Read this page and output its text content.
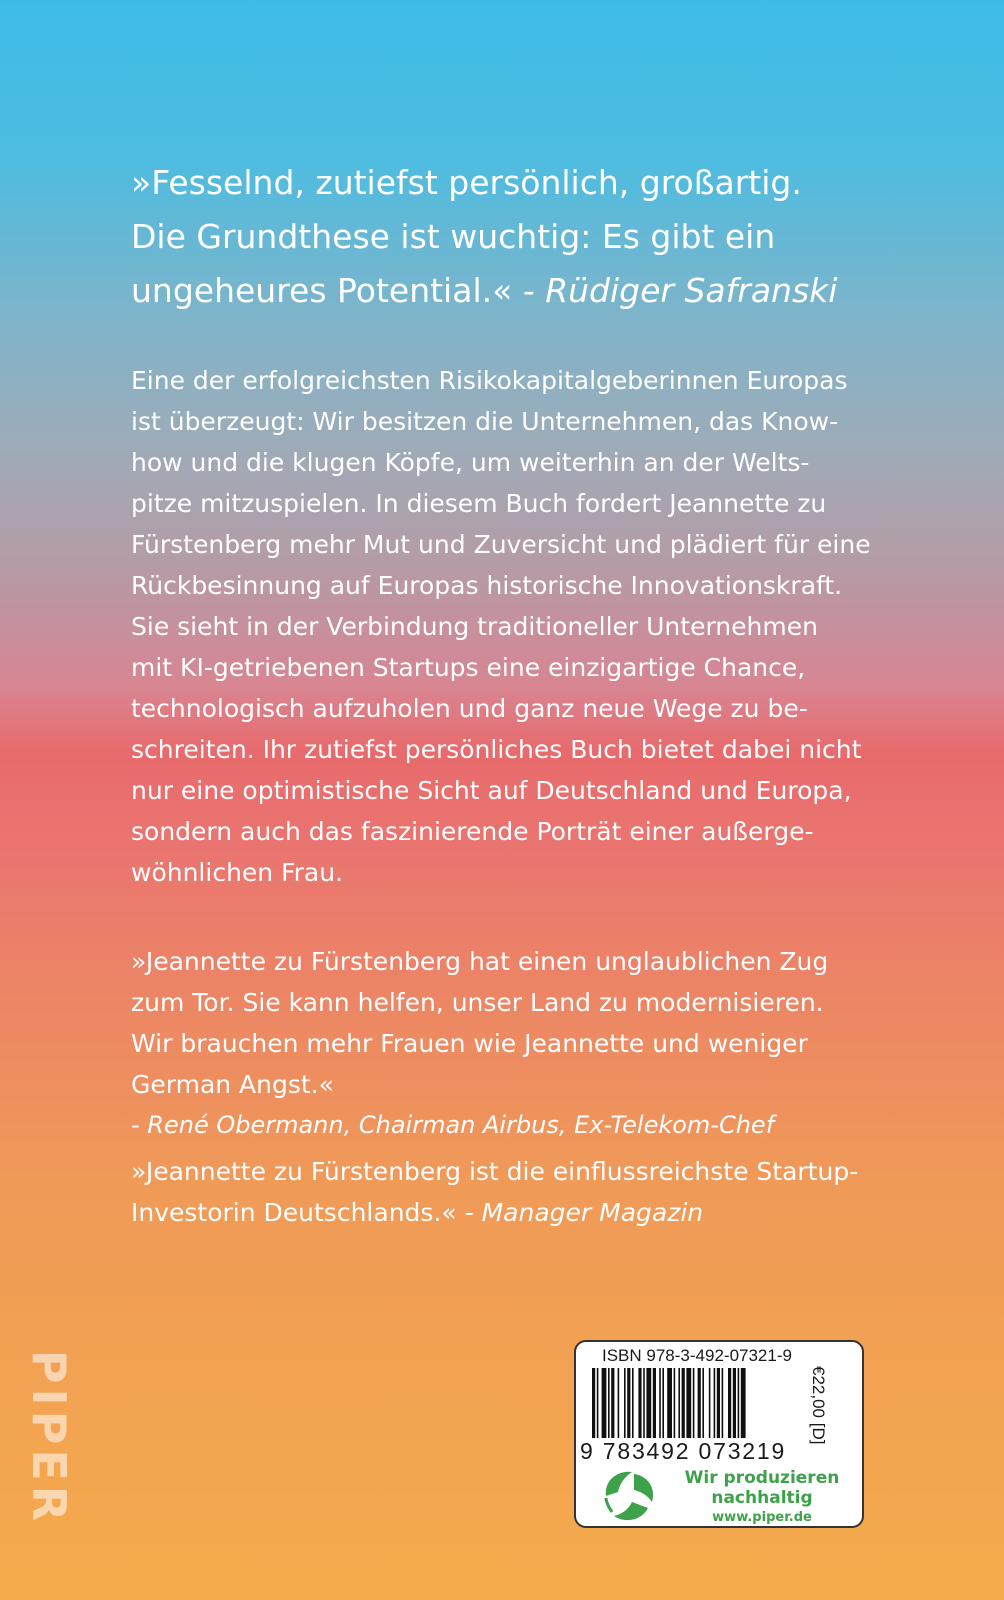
»Fesselnd, zutiefst persönlich, großartig.
Die Grundthese ist wuchtig: Es gibt ein
ungeheures Potential.« - Rüdiger Safranski

Eine der erfolgreichsten Risikokapitalgeberinnen Europas
ist überzeugt: Wir besitzen die Unternehmen, das Know-
how und die klugen Köpfe, um weiterhin an der Welts-
pitze mitzuspielen. In diesem Buch fordert Jeannette zu
Fürstenberg mehr Mut und Zuversicht und plädiert für eine
Rückbesinnung auf Europas historische Innovationskraft.
Sie sieht in der Verbindung traditioneller Unternehmen
mit KI-getriebenen Startups eine einzigartige Chance,
technologisch aufzuholen und ganz neue Wege zu be-
schreiten. Ihr zutiefst persönliches Buch bietet dabei nicht
nur eine optimistische Sicht auf Deutschland und Europa,
sondern auch das faszinierende Porträt einer außerge-
wöhnlichen Frau.

»Jeannette zu Fürstenberg hat einen unglaublichen Zug
zum Tor. Sie kann helfen, unser Land zu modernisieren.
Wir brauchen mehr Frauen wie Jeannette und weniger
German Angst.«
- René Obermann, Chairman Airbus, Ex-Telekom-Chef

»Jeannette zu Fürstenberg ist die einflussreichste Startup-
Investorin Deutschlands.« - Manager Magazin

PIPER	ISBN 978-3-492-07321-9
9 783492 073219
€22,00 [D]
Wir produzieren
nachhaltig
www.piper.de
